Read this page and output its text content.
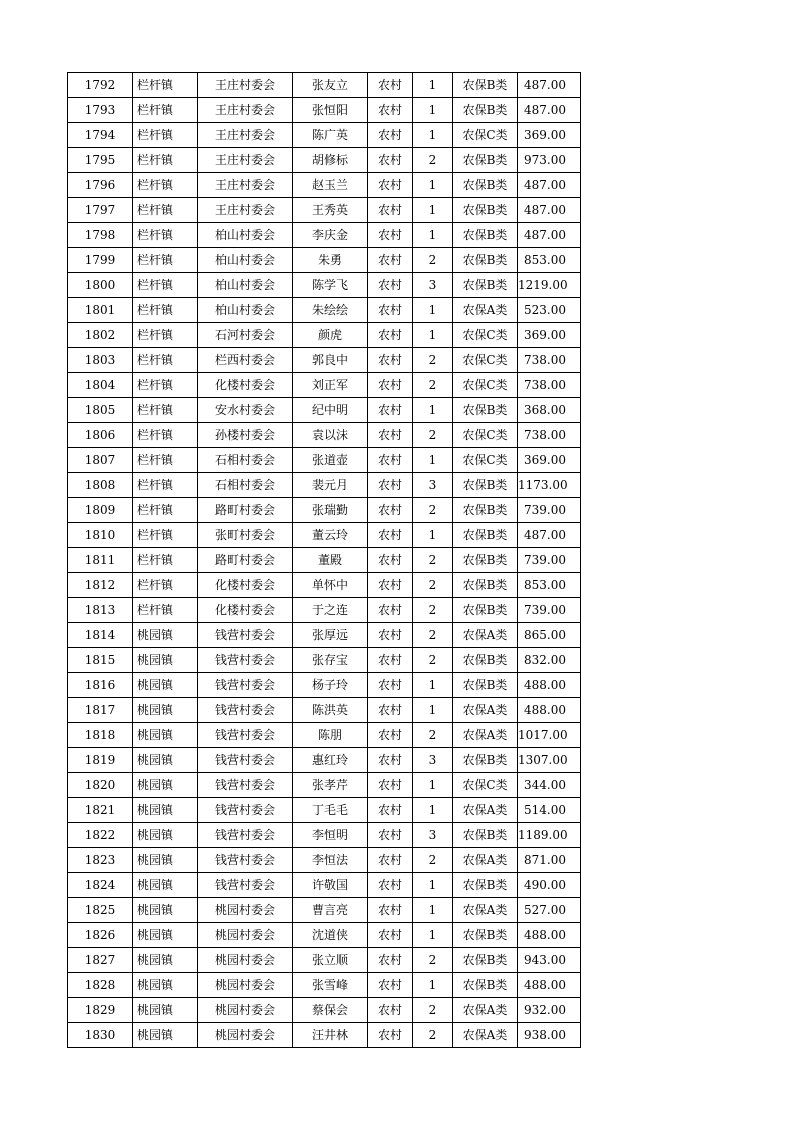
1792	栏杆镇	王庄村委会	张友立	农村	1	农保B类	487.00
1793	栏杆镇	王庄村委会	张恒阳	农村	1	农保B类	487.00
1794	栏杆镇	王庄村委会	陈广英	农村	1	农保C类	369.00
1795	栏杆镇	王庄村委会	胡修标	农村	2	农保B类	973.00
1796	栏杆镇	王庄村委会	赵玉兰	农村	1	农保B类	487.00
1797	栏杆镇	王庄村委会	王秀英	农村	1	农保B类	487.00
1798	栏杆镇	柏山村委会	李庆金	农村	1	农保B类	487.00
1799	栏杆镇	柏山村委会	朱勇	农村	2	农保B类	853.00
1800	栏杆镇	柏山村委会	陈学飞	农村	3	农保B类	1219.00
1801	栏杆镇	柏山村委会	朱绘绘	农村	1	农保A类	523.00
1802	栏杆镇	石河村委会	颜虎	农村	1	农保C类	369.00
1803	栏杆镇	栏西村委会	郭良中	农村	2	农保C类	738.00
1804	栏杆镇	化楼村委会	刘正军	农村	2	农保C类	738.00
1805	栏杆镇	安水村委会	纪中明	农村	1	农保B类	368.00
1806	栏杆镇	孙楼村委会	袁以沫	农村	2	农保C类	738.00
1807	栏杆镇	石相村委会	张道壶	农村	1	农保C类	369.00
1808	栏杆镇	石相村委会	裴元月	农村	3	农保B类	1173.00
1809	栏杆镇	路町村委会	张瑞勤	农村	2	农保B类	739.00
1810	栏杆镇	张町村委会	董云玲	农村	1	农保B类	487.00
1811	栏杆镇	路町村委会	董殿	农村	2	农保B类	739.00
1812	栏杆镇	化楼村委会	单怀中	农村	2	农保B类	853.00
1813	栏杆镇	化楼村委会	于之连	农村	2	农保B类	739.00
1814	桃园镇	钱营村委会	张厚远	农村	2	农保A类	865.00
1815	桃园镇	钱营村委会	张存宝	农村	2	农保B类	832.00
1816	桃园镇	钱营村委会	杨子玲	农村	1	农保B类	488.00
1817	桃园镇	钱营村委会	陈洪英	农村	1	农保A类	488.00
1818	桃园镇	钱营村委会	陈朋	农村	2	农保A类	1017.00
1819	桃园镇	钱营村委会	惠红玲	农村	3	农保B类	1307.00
1820	桃园镇	钱营村委会	张孝芹	农村	1	农保C类	344.00
1821	桃园镇	钱营村委会	丁毛毛	农村	1	农保A类	514.00
1822	桃园镇	钱营村委会	李恒明	农村	3	农保B类	1189.00
1823	桃园镇	钱营村委会	李恒法	农村	2	农保A类	871.00
1824	桃园镇	钱营村委会	许敬国	农村	1	农保B类	490.00
1825	桃园镇	桃园村委会	曹言亮	农村	1	农保A类	527.00
1826	桃园镇	桃园村委会	沈道侠	农村	1	农保B类	488.00
1827	桃园镇	桃园村委会	张立顺	农村	2	农保B类	943.00
1828	桃园镇	桃园村委会	张雪峰	农村	1	农保B类	488.00
1829	桃园镇	桃园村委会	蔡保会	农村	2	农保A类	932.00
1830	桃园镇	桃园村委会	汪井林	农村	2	农保A类	938.00
